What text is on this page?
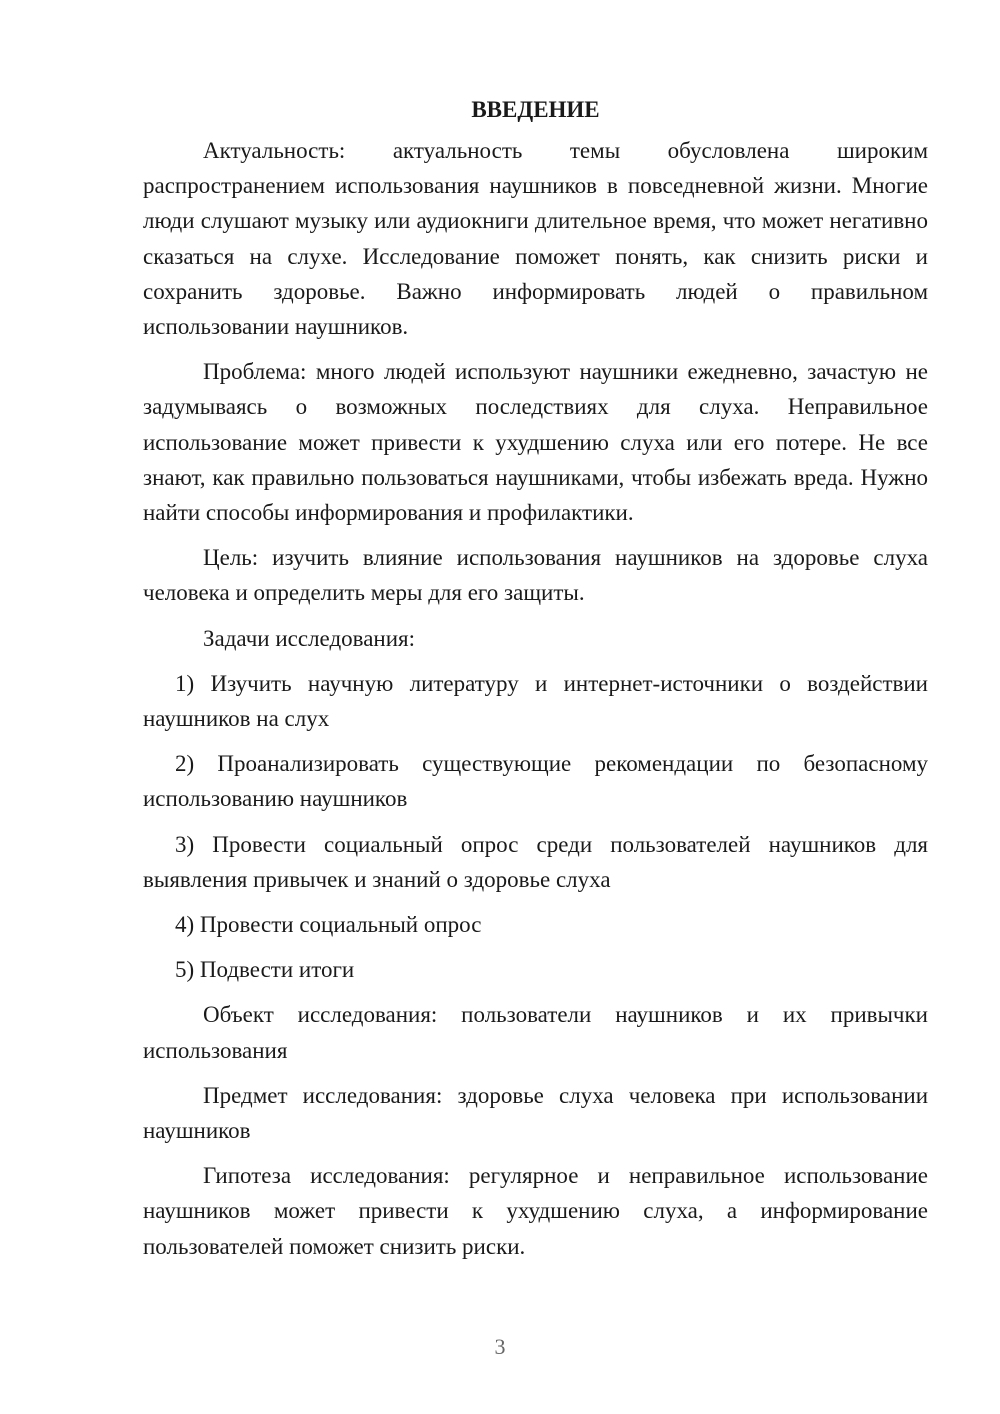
ВВЕДЕНИЕ

Актуальность: актуальность темы обусловлена широким распространением использования наушников в повседневной жизни. Многие люди слушают музыку или аудиокниги длительное время, что может негативно сказаться на слухе. Исследование поможет понять, как снизить риски и сохранить здоровье. Важно информировать людей о правильном использовании наушников.

Проблема: много людей используют наушники ежедневно, зачастую не задумываясь о возможных последствиях для слуха. Неправильное использование может привести к ухудшению слуха или его потере. Не все знают, как правильно пользоваться наушниками, чтобы избежать вреда. Нужно найти способы информирования и профилактики.

Цель: изучить влияние использования наушников на здоровье слуха человека и определить меры для его защиты.

Задачи исследования:

1) Изучить научную литературу и интернет-источники о воздействии наушников на слух

2) Проанализировать существующие рекомендации по безопасному использованию наушников

3) Провести социальный опрос среди пользователей наушников для выявления привычек и знаний о здоровье слуха

4) Провести социальный опрос

5) Подвести итоги

Объект исследования: пользователи наушников и их привычки использования

Предмет исследования: здоровье слуха человека при использовании наушников

Гипотеза исследования: регулярное и неправильное использование наушников может привести к ухудшению слуха, а информирование пользователей поможет снизить риски.

3
